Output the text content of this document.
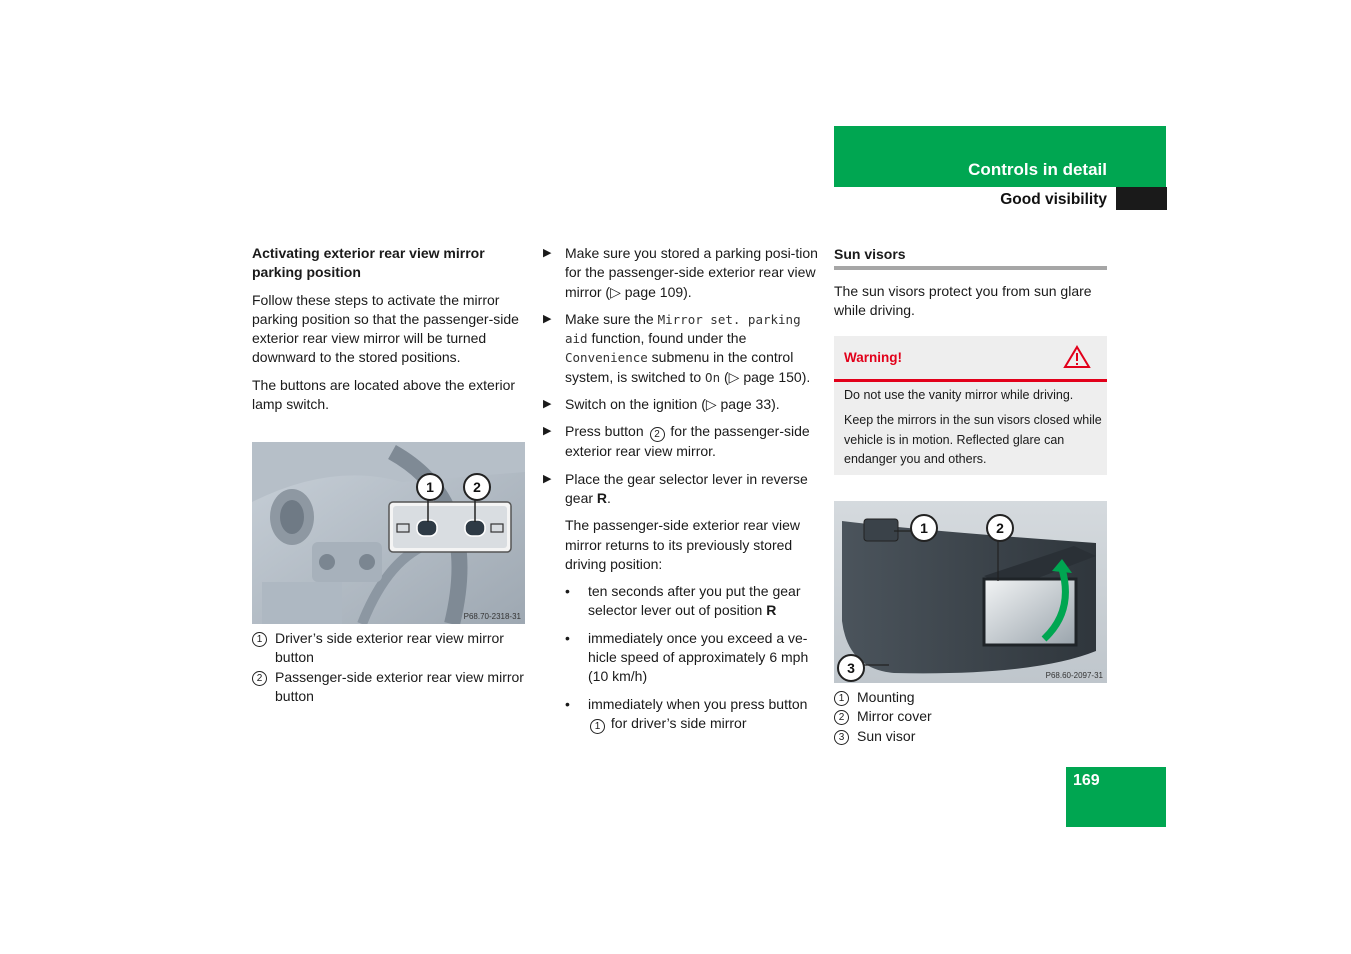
Controls in detail
Good visibility

Activating exterior rear view mirror parking position

Follow these steps to activate the mirror parking position so that the passenger-side exterior rear view mirror will be turned downward to the stored positions.

The buttons are located above the exterior lamp switch.

1	2
P68.70-2318-31
1 Driver’s side exterior rear view mirror button
2 Passenger-side exterior rear view mirror button
▶ Make sure you stored a parking posi-tion for the passenger-side exterior rear view mirror (▷ page 109).
▶ Make sure the Mirror set. parking aid function, found under the Convenience submenu in the control system, is switched to On (▷ page 150).
▶ Switch on the ignition (▷ page 33).
▶ Press button 2 for the passenger-side exterior rear view mirror.
▶ Place the gear selector lever in reverse gear R.

The passenger-side exterior rear view mirror returns to its previously stored driving position:

• ten seconds after you put the gear selector lever out of position R
• immediately once you exceed a ve-hicle speed of approximately 6 mph (10 km/h)
• immediately when you press button 1 for driver’s side mirror
Sun visors
The sun visors protect you from sun glare while driving.
Warning!
Do not use the vanity mirror while driving.
Keep the mirrors in the sun visors closed while vehicle is in motion. Reflected glare can endanger you and others.
1	2
3	P68.60-2097-31
1 Mounting
2 Mirror cover
3 Sun visor
169
